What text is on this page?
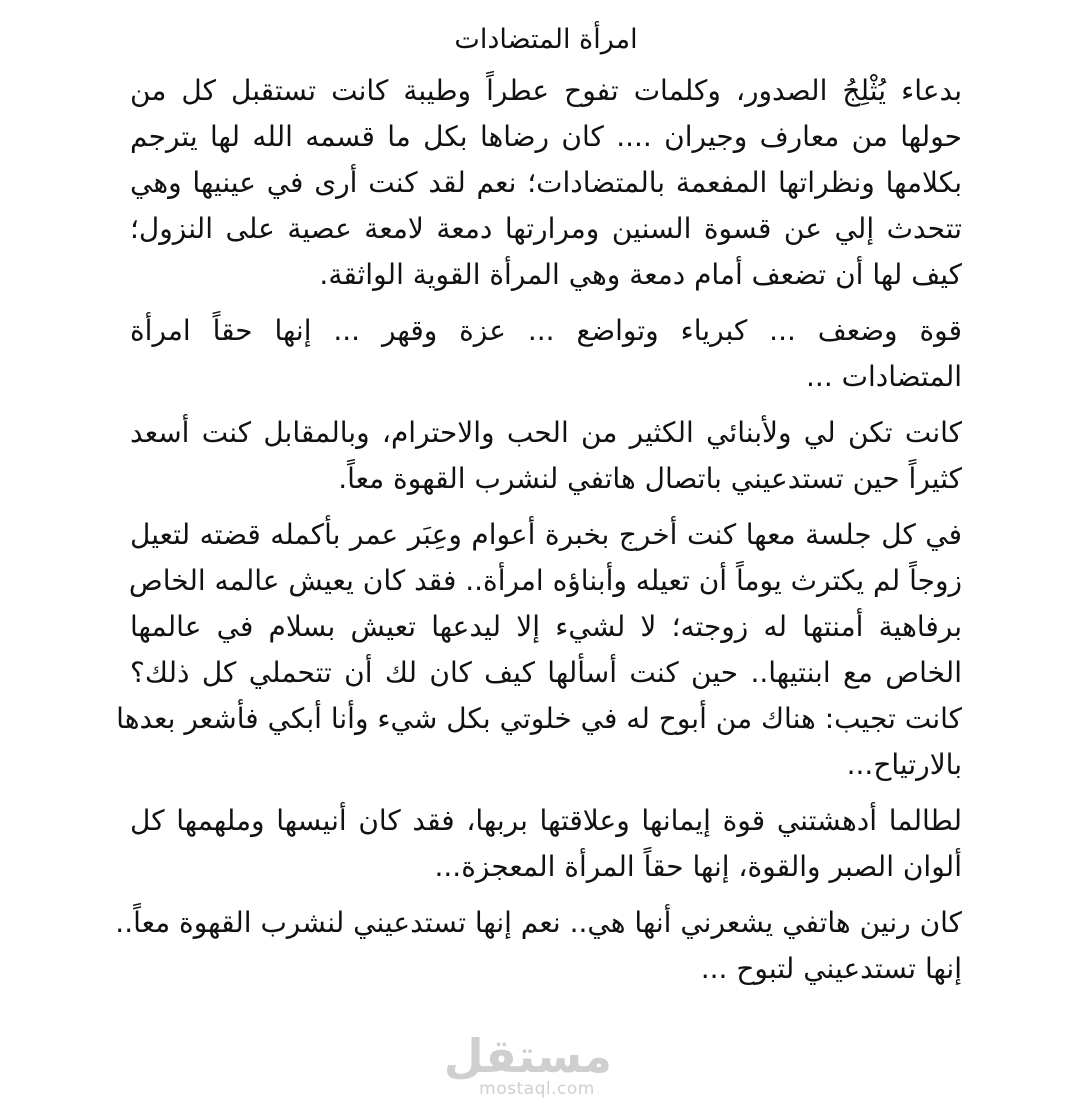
امرأة المتضادات

بدعاء يُثْلِجُ الصدور، وكلمات تفوح عطراً وطيبة كانت تستقبل كل من
حولها من معارف وجيران .... كان رضاها بكل ما قسمه الله لها يترجم
بكلامها ونظراتها المفعمة بالمتضادات؛ نعم لقد كنت أرى في عينيها وهي
تتحدث إلي عن قسوة السنين ومرارتها دمعة لامعة عصية على النزول؛
كيف لها أن تضعف أمام دمعة وهي المرأة القوية الواثقة.

قوة وضعف ... كبرياء وتواضع ... عزة وقهر ... إنها حقاً امرأة
المتضادات ...

كانت تكن لي ولأبنائي الكثير من الحب والاحترام، وبالمقابل كنت أسعد
كثيراً حين تستدعيني باتصال هاتفي لنشرب القهوة معاً.

في كل جلسة معها كنت أخرج بخبرة أعوام وعِبَر عمر بأكمله قضته لتعيل
زوجاً لم يكترث يوماً أن تعيله وأبناؤه امرأة.. فقد كان يعيش عالمه الخاص
برفاهية أمنتها له زوجته؛ لا لشيء إلا ليدعها تعيش بسلام في عالمها
الخاص مع ابنتيها.. حين كنت أسألها كيف كان لك أن تتحملي كل ذلك؟
كانت تجيب: هناك من أبوح له في خلوتي بكل شيء وأنا أبكي فأشعر بعدها
بالارتياح...

لطالما أدهشتني قوة إيمانها وعلاقتها بربها، فقد كان أنيسها وملهمها كل
ألوان الصبر والقوة، إنها حقاً المرأة المعجزة...

كان رنين هاتفي يشعرني أنها هي.. نعم إنها تستدعيني لنشرب القهوة معاً..
إنها تستدعيني لتبوح ...

مستقل
mostaql.com
